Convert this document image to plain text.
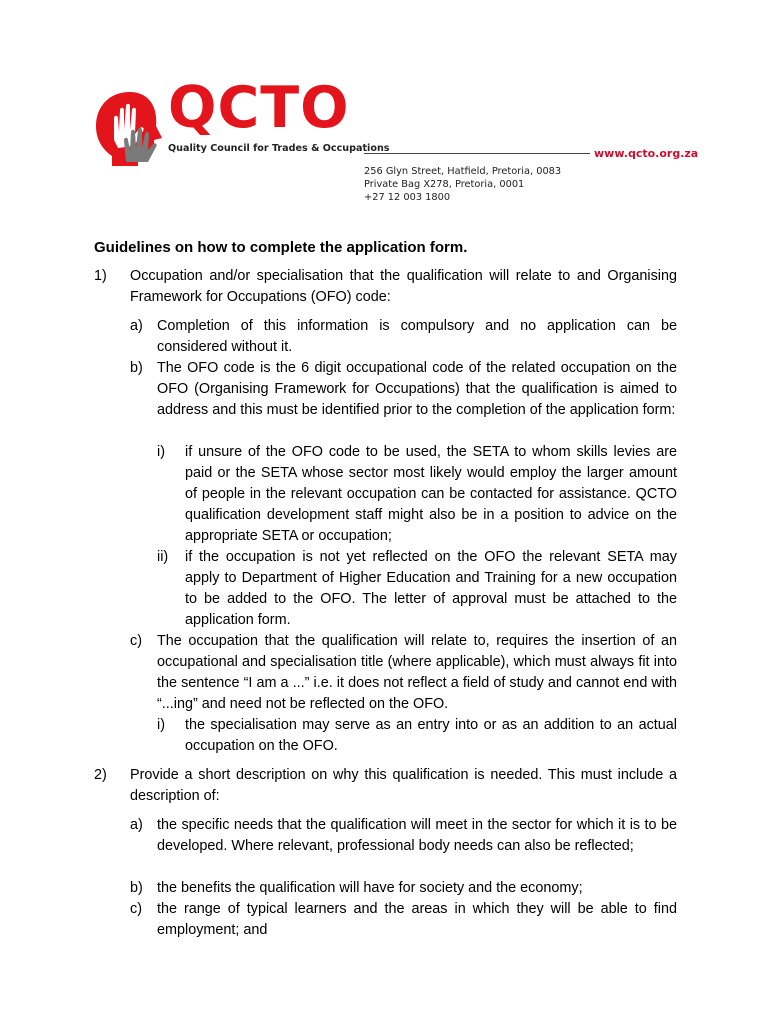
QCTO
Quality Council for Trades & Occupations	www.qcto.org.za
256 Glyn Street, Hatfield, Pretoria, 0083
Private Bag X278, Pretoria, 0001
+27 12 003 1800
Guidelines on how to complete the application form.
1) Occupation and/or specialisation that the qualification will relate to and Organising Framework for Occupations (OFO) code:
a) Completion of this information is compulsory and no application can be considered without it.
b) The OFO code is the 6 digit occupational code of the related occupation on the OFO (Organising Framework for Occupations) that the qualification is aimed to address and this must be identified prior to the completion of the application form:
i) if unsure of the OFO code to be used, the SETA to whom skills levies are paid or the SETA whose sector most likely would employ the larger amount of people in the relevant occupation can be contacted for assistance. QCTO qualification development staff might also be in a position to advice on the appropriate SETA or occupation;
ii) if the occupation is not yet reflected on the OFO the relevant SETA may apply to Department of Higher Education and Training for a new occupation to be added to the OFO. The letter of approval must be attached to the application form.
c) The occupation that the qualification will relate to, requires the insertion of an occupational and specialisation title (where applicable), which must always fit into the sentence “I am a ...” i.e. it does not reflect a field of study and cannot end with “...ing” and need not be reflected on the OFO.
i) the specialisation may serve as an entry into or as an addition to an actual occupation on the OFO.
2) Provide a short description on why this qualification is needed. This must include a description of:
a) the specific needs that the qualification will meet in the sector for which it is to be developed. Where relevant, professional body needs can also be reflected;
b) the benefits the qualification will have for society and the economy;
c) the range of typical learners and the areas in which they will be able to find employment; and
